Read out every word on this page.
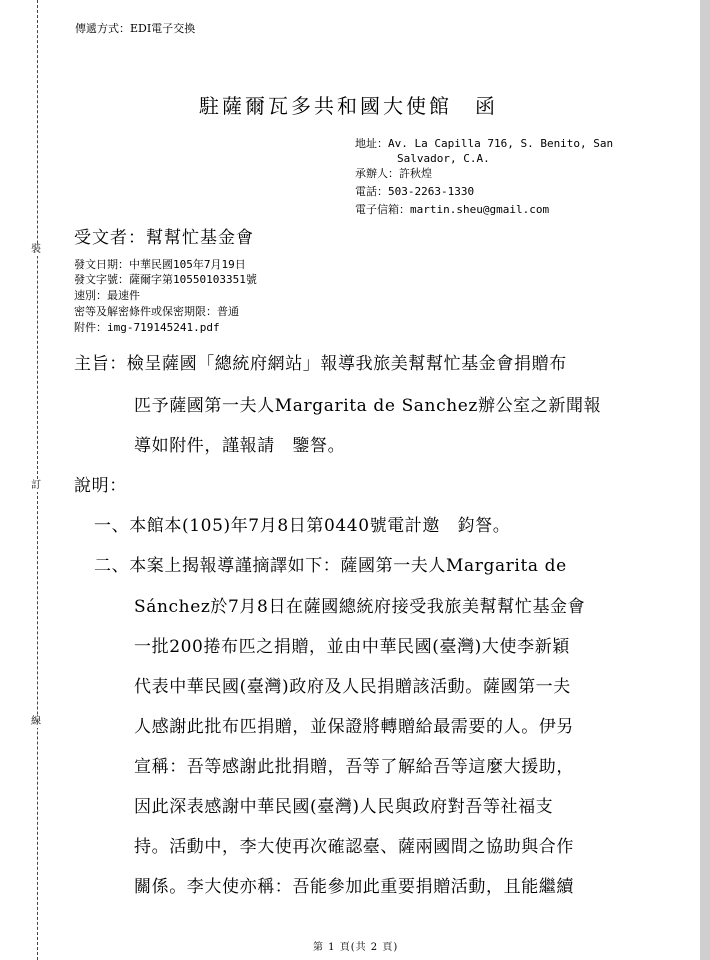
裝
訂
線
傳遞方式：EDI電子交換
駐薩爾瓦多共和國大使館　函
地址：Av. La Capilla 716, S. Benito, San
Salvador, C.A.
承辦人：許秋煌
電話：503-2263-1330
電子信箱：martin.sheu@gmail.com
受文者：幫幫忙基金會
發文日期：中華民國105年7月19日
發文字號：薩爾字第10550103351號
速別：最速件
密等及解密條件或保密期限：普通
附件：img-719145241.pdf
主旨：檢呈薩國「總統府網站」報導我旅美幫幫忙基金會捐贈布
匹予薩國第一夫人Margarita de Sanchez辦公室之新聞報
導如附件，謹報請　鑒詧。
說明：
一、本館本(105)年7月8日第0440號電計邀　鈞詧。
二、本案上揭報導謹摘譯如下：薩國第一夫人Margarita de
Sánchez於7月8日在薩國總統府接受我旅美幫幫忙基金會
一批200捲布匹之捐贈，並由中華民國(臺灣)大使李新穎
代表中華民國(臺灣)政府及人民捐贈該活動。薩國第一夫
人感謝此批布匹捐贈，並保證將轉贈給最需要的人。伊另
宣稱：吾等感謝此批捐贈，吾等了解給吾等這麼大援助，
因此深表感謝中華民國(臺灣)人民與政府對吾等社福支
持。活動中，李大使再次確認臺、薩兩國間之協助與合作
關係。李大使亦稱：吾能參加此重要捐贈活動，且能繼續
第 1 頁(共 2 頁)
